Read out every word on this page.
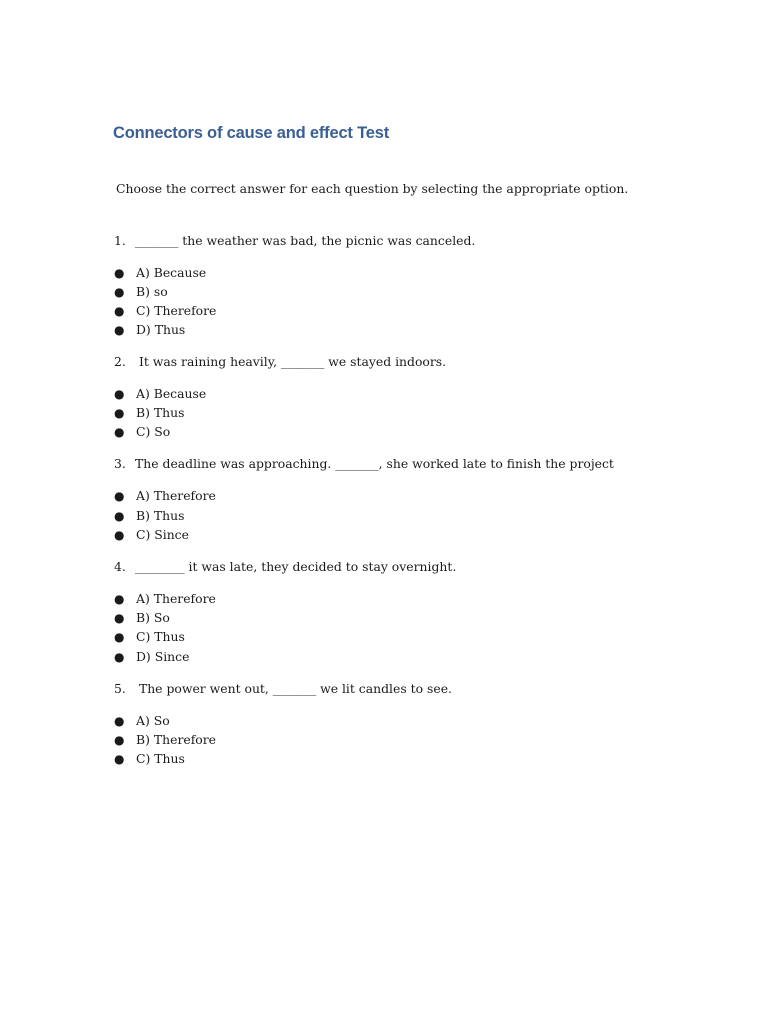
Connectors of cause and effect Test
Choose the correct answer for each question by selecting the appropriate option.
1. _______ the weather was bad, the picnic was canceled.
● A) Because
● B) so
● C) Therefore
● D) Thus
2. It was raining heavily, _______ we stayed indoors.
● A) Because
● B) Thus
● C) So
3. The deadline was approaching. _______, she worked late to finish the project
● A) Therefore
● B) Thus
● C) Since
4. ________ it was late, they decided to stay overnight.
● A) Therefore
● B) So
● C) Thus
● D) Since
5. The power went out, _______ we lit candles to see.
● A) So
● B) Therefore
● C) Thus
